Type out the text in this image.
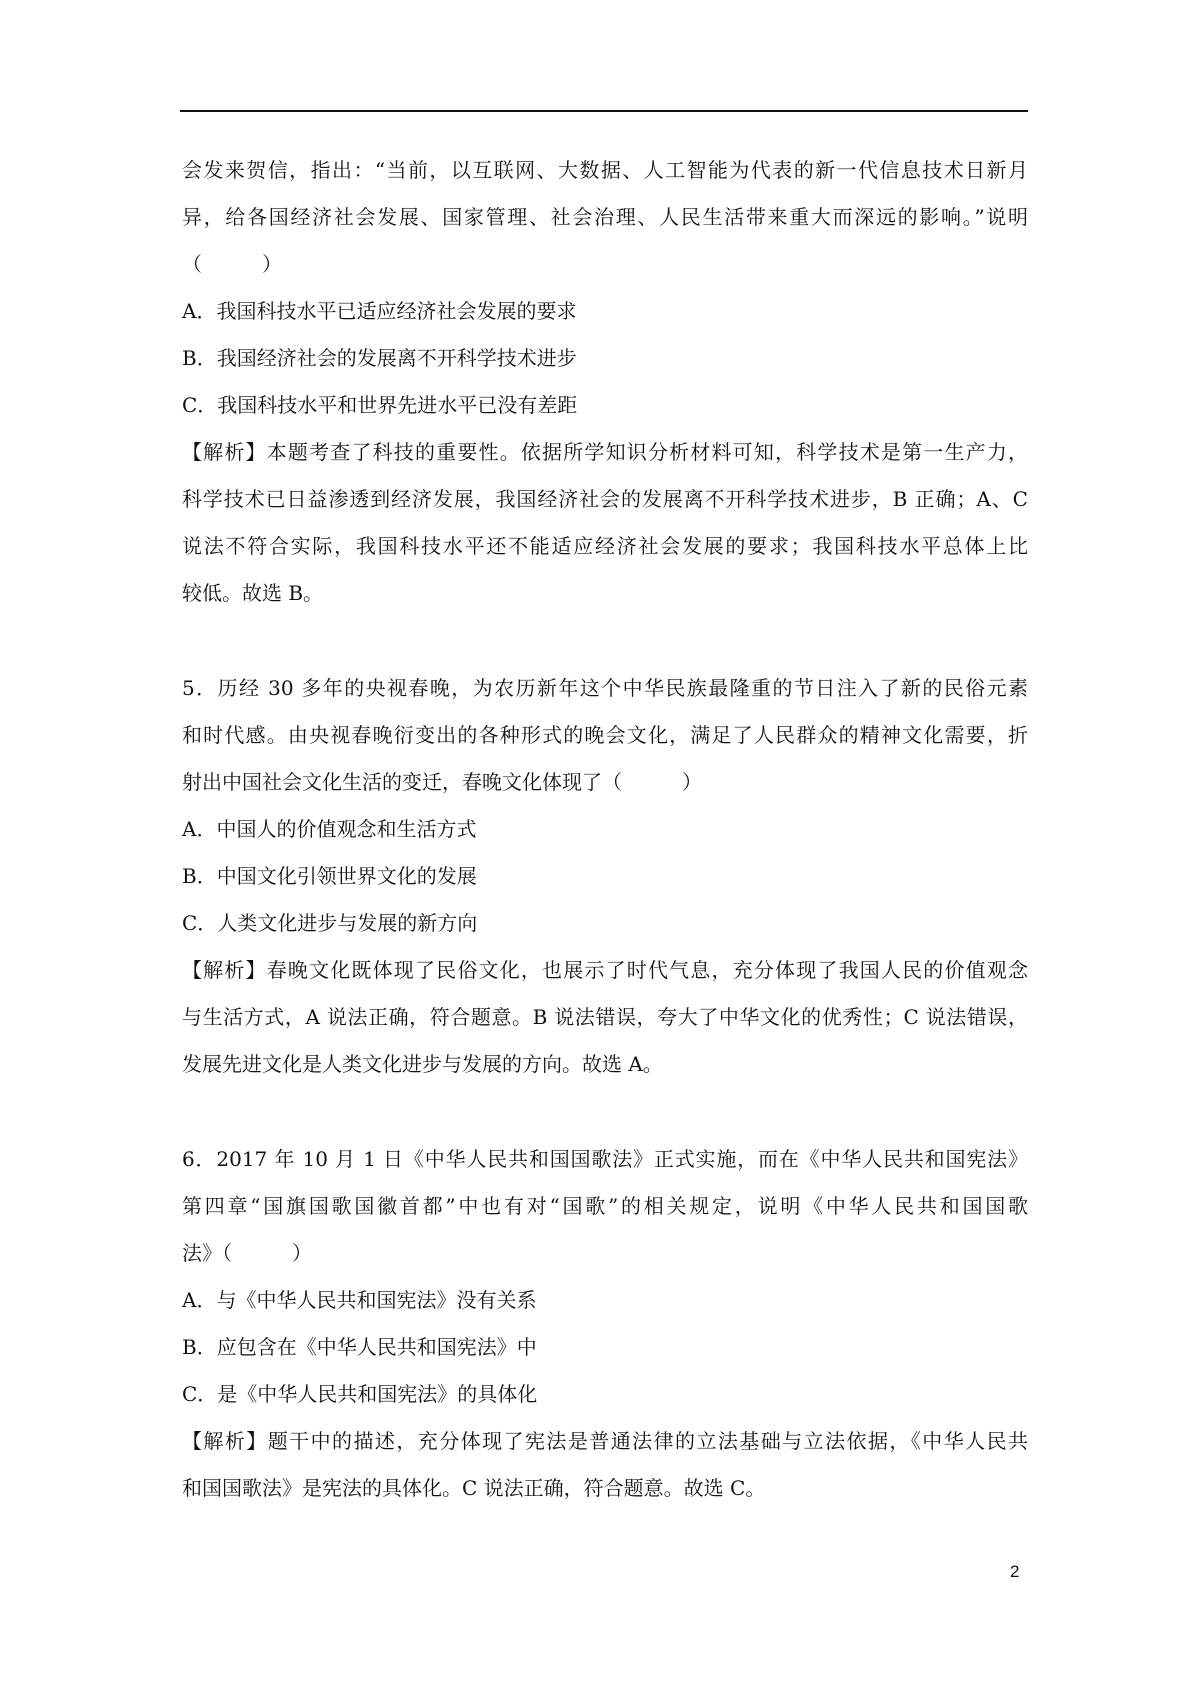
会发来贺信，指出：“当前，以互联网、大数据、人工智能为代表的新一代信息技术日新月

异，给各国经济社会发展、国家管理、社会治理、人民生活带来重大而深远的影响。”说明

（　　　）

A．我国科技水平已适应经济社会发展的要求

B．我国经济社会的发展离不开科学技术进步

C．我国科技水平和世界先进水平已没有差距

【解析】本题考查了科技的重要性。依据所学知识分析材料可知，科学技术是第一生产力，

科学技术已日益渗透到经济发展，我国经济社会的发展离不开科学技术进步，B 正确；A、C

说法不符合实际，我国科技水平还不能适应经济社会发展的要求；我国科技水平总体上比

较低。故选 B。

5．历经 30 多年的央视春晚，为农历新年这个中华民族最隆重的节日注入了新的民俗元素

和时代感。由央视春晚衍变出的各种形式的晚会文化，满足了人民群众的精神文化需要，折

射出中国社会文化生活的变迁，春晚文化体现了（　　　）

A．中国人的价值观念和生活方式

B．中国文化引领世界文化的发展

C．人类文化进步与发展的新方向

【解析】春晚文化既体现了民俗文化，也展示了时代气息，充分体现了我国人民的价值观念

与生活方式，A 说法正确，符合题意。B 说法错误，夸大了中华文化的优秀性；C 说法错误，

发展先进文化是人类文化进步与发展的方向。故选 A。

6．2017 年 10 月 1 日《中华人民共和国国歌法》正式实施，而在《中华人民共和国宪法》

第四章“国旗国歌国徽首都”中也有对“国歌”的相关规定，说明《中华人民共和国国歌

法》（　　　）

A．与《中华人民共和国宪法》没有关系

B．应包含在《中华人民共和国宪法》中

C．是《中华人民共和国宪法》的具体化

【解析】题干中的描述，充分体现了宪法是普通法律的立法基础与立法依据，《中华人民共

和国国歌法》是宪法的具体化。C 说法正确，符合题意。故选 C。

2
